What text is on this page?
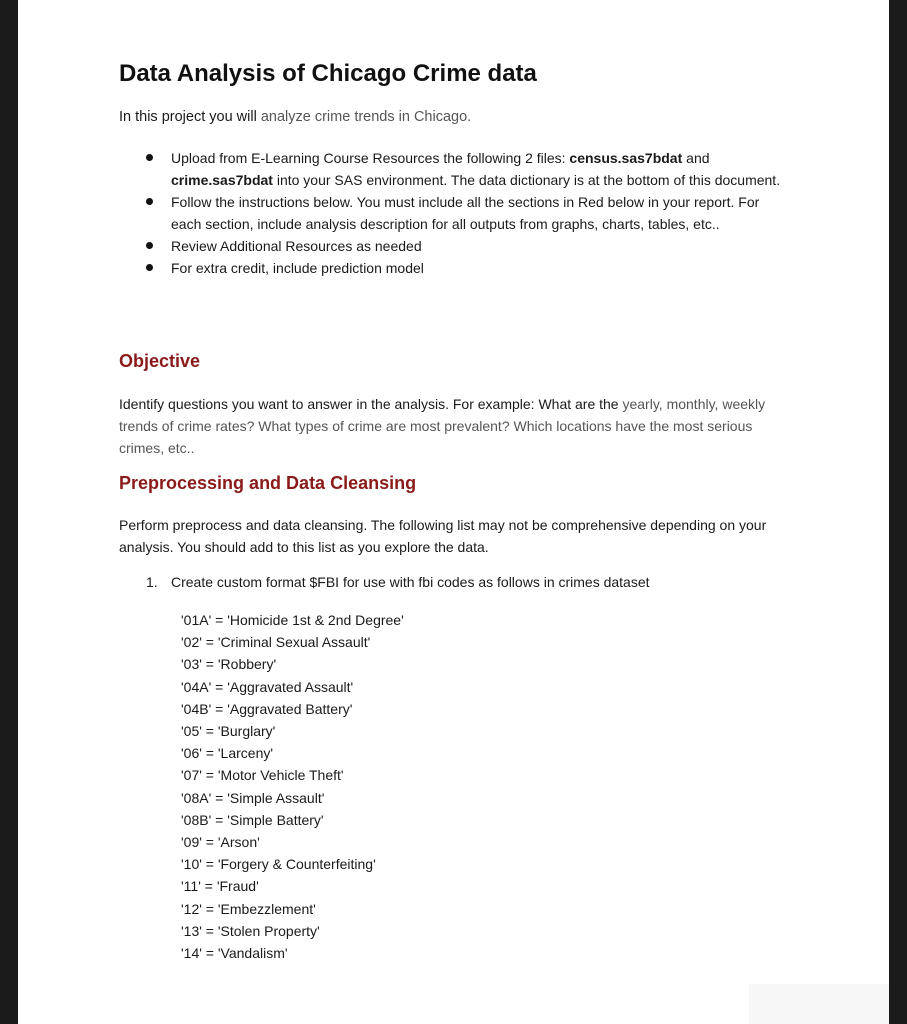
Data Analysis of Chicago Crime data

In this project you will analyze crime trends in Chicago.

Upload from E-Learning Course Resources the following 2 files: census.sas7bdat and crime.sas7bdat into your SAS environment. The data dictionary is at the bottom of this document.
Follow the instructions below. You must include all the sections in Red below in your report. For each section, include analysis description for all outputs from graphs, charts, tables, etc..
Review Additional Resources as needed
For extra credit, include prediction model
Objective

Identify questions you want to answer in the analysis. For example: What are the yearly, monthly, weekly trends of crime rates? What types of crime are most prevalent? Which locations have the most serious crimes, etc..

Preprocessing and Data Cleansing

Perform preprocess and data cleansing. The following list may not be comprehensive depending on your analysis. You should add to this list as you explore the data.

1. Create custom format $FBI for use with fbi codes as follows in crimes dataset

'01A' = 'Homicide 1st & 2nd Degree'
'02' = 'Criminal Sexual Assault'
'03' = 'Robbery'
'04A' = 'Aggravated Assault'
'04B' = 'Aggravated Battery'
'05' = 'Burglary'
'06' = 'Larceny'
'07' = 'Motor Vehicle Theft'
'08A' = 'Simple Assault'
'08B' = 'Simple Battery'
'09' = 'Arson'
'10' = 'Forgery & Counterfeiting'
'11' = 'Fraud'
'12' = 'Embezzlement'
'13' = 'Stolen Property'
'14' = 'Vandalism'
